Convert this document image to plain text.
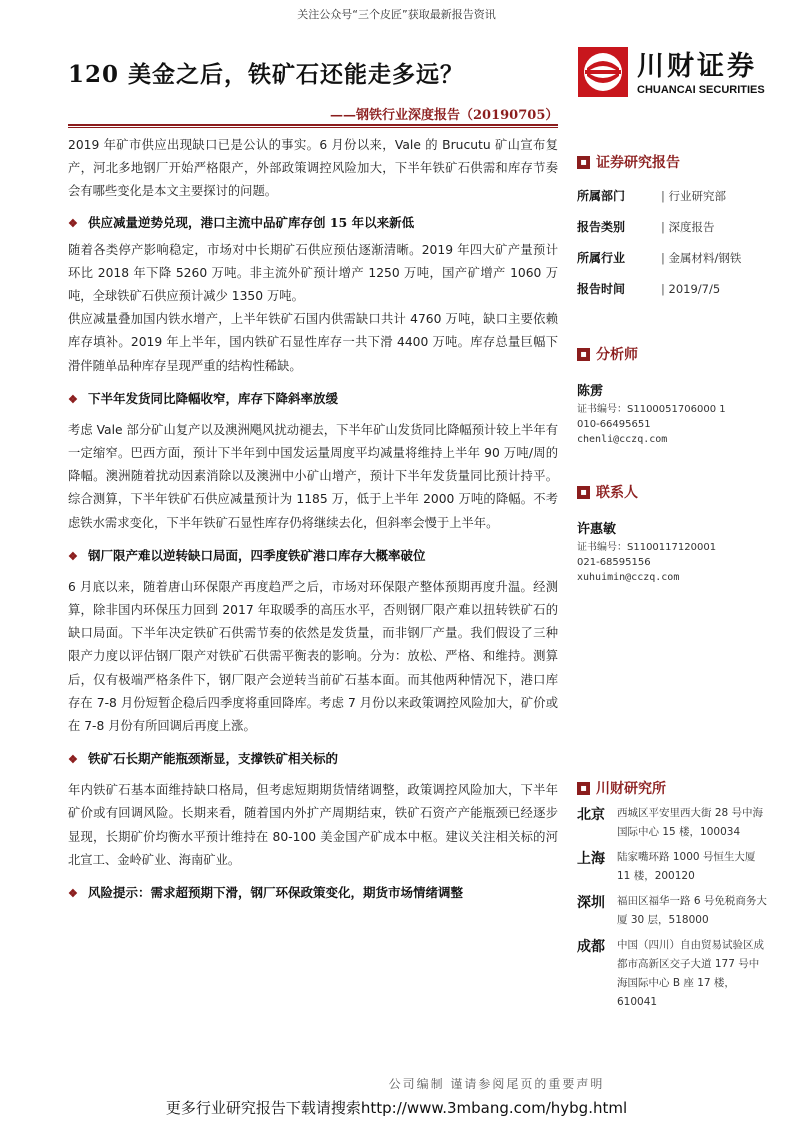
关注公众号“三个皮匠”获取最新报告资讯
120 美金之后，铁矿石还能走多远？
——钢铁行业深度报告（20190705）
川财证券
CHUANCAI SECURITIES

2019 年矿市供应出现缺口已是公认的事实。6 月份以来，Vale 的 Brucutu 矿山宣布复产，河北多地钢厂开始严格限产，外部政策调控风险加大，下半年铁矿石供需和库存节奏会有哪些变化是本文主要探讨的问题。

❖ 供应减量逆势兑现，港口主流中品矿库存创 15 年以来新低

随着各类停产影响稳定，市场对中长期矿石供应预估逐渐清晰。2019 年四大矿产量预计环比 2018 年下降 5260 万吨。非主流外矿预计增产 1250 万吨，国产矿增产 1060 万吨，全球铁矿石供应预计减少 1350 万吨。

供应减量叠加国内铁水增产，上半年铁矿石国内供需缺口共计 4760 万吨，缺口主要依赖库存填补。2019 年上半年，国内铁矿石显性库存一共下滑 4400 万吨。库存总量巨幅下滑伴随单品种库存呈现严重的结构性稀缺。

❖ 下半年发货同比降幅收窄，库存下降斜率放缓

考虑 Vale 部分矿山复产以及澳洲飓风扰动褪去，下半年矿山发货同比降幅预计较上半年有一定缩窄。巴西方面，预计下半年到中国发运量周度平均减量将维持上半年 90 万吨/周的降幅。澳洲随着扰动因素消除以及澳洲中小矿山增产，预计下半年发货量同比预计持平。综合测算，下半年铁矿石供应减量预计为 1185 万，低于上半年 2000 万吨的降幅。不考虑铁水需求变化，下半年铁矿石显性库存仍将继续去化，但斜率会慢于上半年。

❖ 钢厂限产难以逆转缺口局面，四季度铁矿港口库存大概率破位

6 月底以来，随着唐山环保限产再度趋严之后，市场对环保限产整体预期再度升温。经测算，除非国内环保压力回到 2017 年取暖季的高压水平，否则钢厂限产难以扭转铁矿石的缺口局面。下半年决定铁矿石供需节奏的依然是发货量，而非钢厂产量。我们假设了三种限产力度以评估钢厂限产对铁矿石供需平衡表的影响。分为：放松、严格、和维持。测算后，仅有极端严格条件下，钢厂限产会逆转当前矿石基本面。而其他两种情况下，港口库存在 7-8 月份短暂企稳后四季度将重回降库。考虑 7 月份以来政策调控风险加大，矿价或在 7-8 月份有所回调后再度上涨。

❖ 铁矿石长期产能瓶颈渐显，支撑铁矿相关标的

年内铁矿石基本面维持缺口格局，但考虑短期期货情绪调整，政策调控风险加大，下半年矿价或有回调风险。长期来看，随着国内外扩产周期结束，铁矿石资产产能瓶颈已经逐步显现，长期矿价均衡水平预计维持在 80-100 美金国产矿成本中枢。建议关注相关标的河北宣工、金岭矿业、海南矿业。

❖ 风险提示：需求超预期下滑，钢厂环保政策变化，期货市场情绪调整
▪ 证券研究报告
所属部门	| 行业研究部
报告类别	| 深度报告
所属行业	| 金属材料/钢铁
报告时间	| 2019/7/5
▪ 分析师
陈雳
证书编号：S1100051706000 1
010-66495651
chenli@cczq.com
▪ 联系人
许惠敏
证书编号：S1100117120001
021-68595156
xuhuimin@cczq.com
▪ 川财研究所
北京	西城区平安里西大街 28 号中海国际中心 15 楼，100034
上海	陆家嘴环路 1000 号恒生大厦 11 楼，200120
深圳	福田区福华一路 6 号免税商务大厦 30 层，518000
成都	中国（四川）自由贸易试验区成都市高新区交子大道 177 号中海国际中心 B 座 17 楼，610041
公司编制 谨请参阅尾页的重要声明
更多行业研究报告下载请搜索http://www.3mbang.com/hybg.html
